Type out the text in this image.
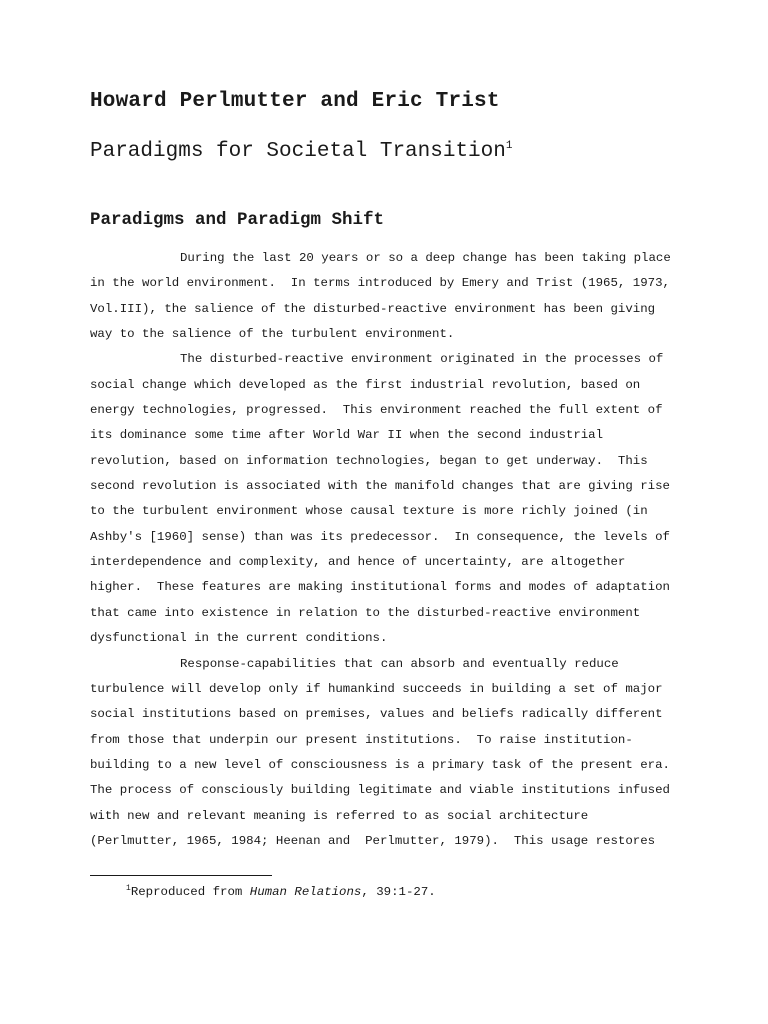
Howard Perlmutter and Eric Trist
Paradigms for Societal Transition$^1$
Paradigms and Paradigm Shift
During the last 20 years or so a deep change has been taking place
in the world environment.  In terms introduced by Emery and Trist (1965, 1973,
Vol.III), the salience of the disturbed-reactive environment has been giving
way to the salience of the turbulent environment.
The disturbed-reactive environment originated in the processes of
social change which developed as the first industrial revolution, based on
energy technologies, progressed.  This environment reached the full extent of
its dominance some time after World War II when the second industrial
revolution, based on information technologies, began to get underway.  This
second revolution is associated with the manifold changes that are giving rise
to the turbulent environment whose causal texture is more richly joined (in
Ashby's [1960] sense) than was its predecessor.  In consequence, the levels of
interdependence and complexity, and hence of uncertainty, are altogether
higher.  These features are making institutional forms and modes of adaptation
that came into existence in relation to the disturbed-reactive environment
dysfunctional in the current conditions.
Response-capabilities that can absorb and eventually reduce
turbulence will develop only if humankind succeeds in building a set of major
social institutions based on premises, values and beliefs radically different
from those that underpin our present institutions.  To raise institution-
building to a new level of consciousness is a primary task of the present era.
The process of consciously building legitimate and viable institutions infused
with new and relevant meaning is referred to as social architecture
(Perlmutter, 1965, 1984; Heenan and  Perlmutter, 1979).  This usage restores
$^1$Reproduced from Human Relations, 39:1-27.
